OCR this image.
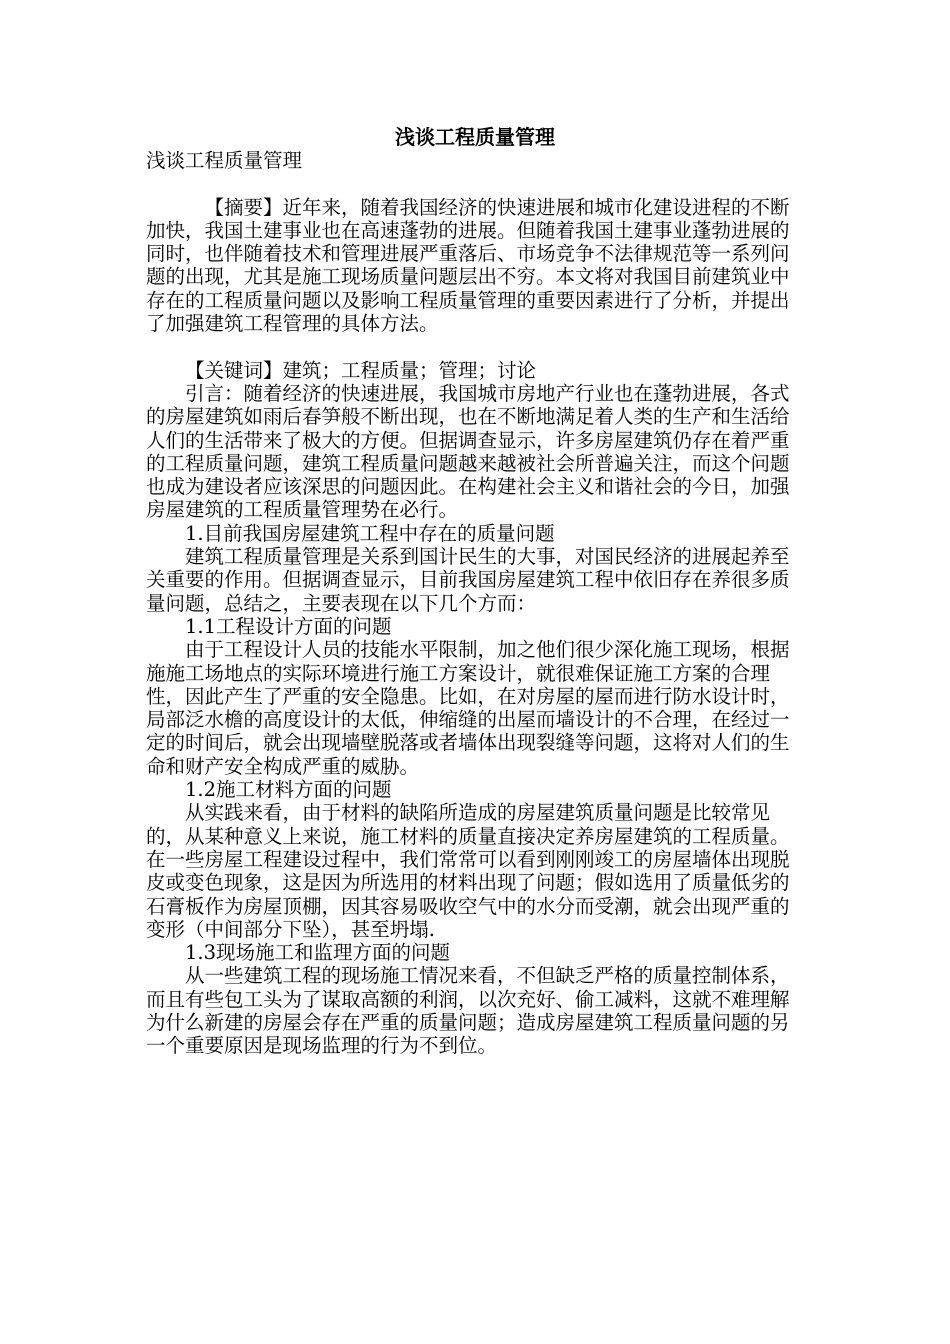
浅谈工程质量管理

浅谈工程质量管理

【摘要】近年来，随着我国经济的快速进展和城市化建设进程的不断加快，我国土建事业也在高速蓬勃的进展。但随着我国土建事业蓬勃进展的同时，也伴随着技术和管理进展严重落后、市场竞争不法律规范等一系列问题的出现，尤其是施工现场质量问题层出不穷。本文将对我国目前建筑业中存在的工程质量问题以及影响工程质量管理的重要因素进行了分析，并提出了加强建筑工程管理的具体方法。

【关键词】建筑；工程质量；管理；讨论

引言：随着经济的快速进展，我国城市房地产行业也在蓬勃进展，各式的房屋建筑如雨后春笋般不断出现，也在不断地满足着人类的生产和生活给人们的生活带来了极大的方便。但据调查显示，许多房屋建筑仍存在着严重的工程质量问题，建筑工程质量问题越来越被社会所普遍关注，而这个问题也成为建设者应该深思的问题因此。在构建社会主义和谐社会的今日，加强房屋建筑的工程质量管理势在必行。

1.目前我国房屋建筑工程中存在的质量问题

建筑工程质量管理是关系到国计民生的大事，对国民经济的进展起养至关重要的作用。但据调查显示，目前我国房屋建筑工程中依旧存在养很多质量问题，总结之，主要表现在以下几个方而：

1.1工程设计方面的问题

由于工程设计人员的技能水平限制，加之他们很少深化施工现场，根据施施工场地点的实际环境进行施工方案设计，就很难保证施工方案的合理性，因此产生了严重的安全隐患。比如，在对房屋的屋而进行防水设计时，局部泛水檐的高度设计的太低，伸缩缝的出屋而墙设计的不合理，在经过一定的时间后，就会出现墙壁脱落或者墙体出现裂缝等问题，这将对人们的生命和财产安全构成严重的威胁。

1.2施工材料方面的问题

从实践来看，由于材料的缺陷所造成的房屋建筑质量问题是比较常见的，从某种意义上来说，施工材料的质量直接决定养房屋建筑的工程质量。在一些房屋工程建设过程中，我们常常可以看到刚刚竣工的房屋墙体出现脱皮或变色现象，这是因为所选用的材料出现了问题；假如选用了质量低劣的石膏板作为房屋顶棚，因其容易吸收空气中的水分而受潮，就会出现严重的变形（中间部分下坠），甚至坍塌.

1.3现场施工和监理方面的问题

从一些建筑工程的现场施工情况来看，不但缺乏严格的质量控制体系，而且有些包工头为了谋取高额的利润，以次充好、偷工减料，这就不难理解为什么新建的房屋会存在严重的质量问题；造成房屋建筑工程质量问题的另一个重要原因是现场监理的行为不到位。
